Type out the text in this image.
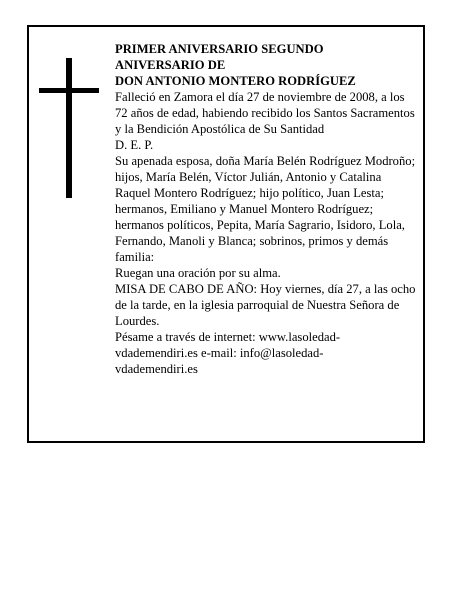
PRIMER ANIVERSARIO SEGUNDO
ANIVERSARIO DE
DON ANTONIO MONTERO RODRÍGUEZ

Falleció en Zamora el día 27 de noviembre de 2008, a los 72 años de edad, habiendo recibido los Santos Sacramentos y la Bendición Apostólica de Su Santidad

D. E. P.

Su apenada esposa, doña María Belén Rodríguez Modroño; hijos, María Belén, Víctor Julián, Antonio y Catalina Raquel Montero Rodríguez; hijo político, Juan Lesta; hermanos, Emiliano y Manuel Montero Rodríguez; hermanos políticos, Pepita, María Sagrario, Isidoro, Lola, Fernando, Manoli y Blanca; sobrinos, primos y demás familia:

Ruegan una oración por su alma.

MISA DE CABO DE AÑO: Hoy viernes, día 27, a las ocho de la tarde, en la iglesia parroquial de Nuestra Señora de Lourdes.

Pésame a través de internet: www.lasoledad-
vdademendiri.es e-mail: info@lasoledad-
vdademendiri.es
